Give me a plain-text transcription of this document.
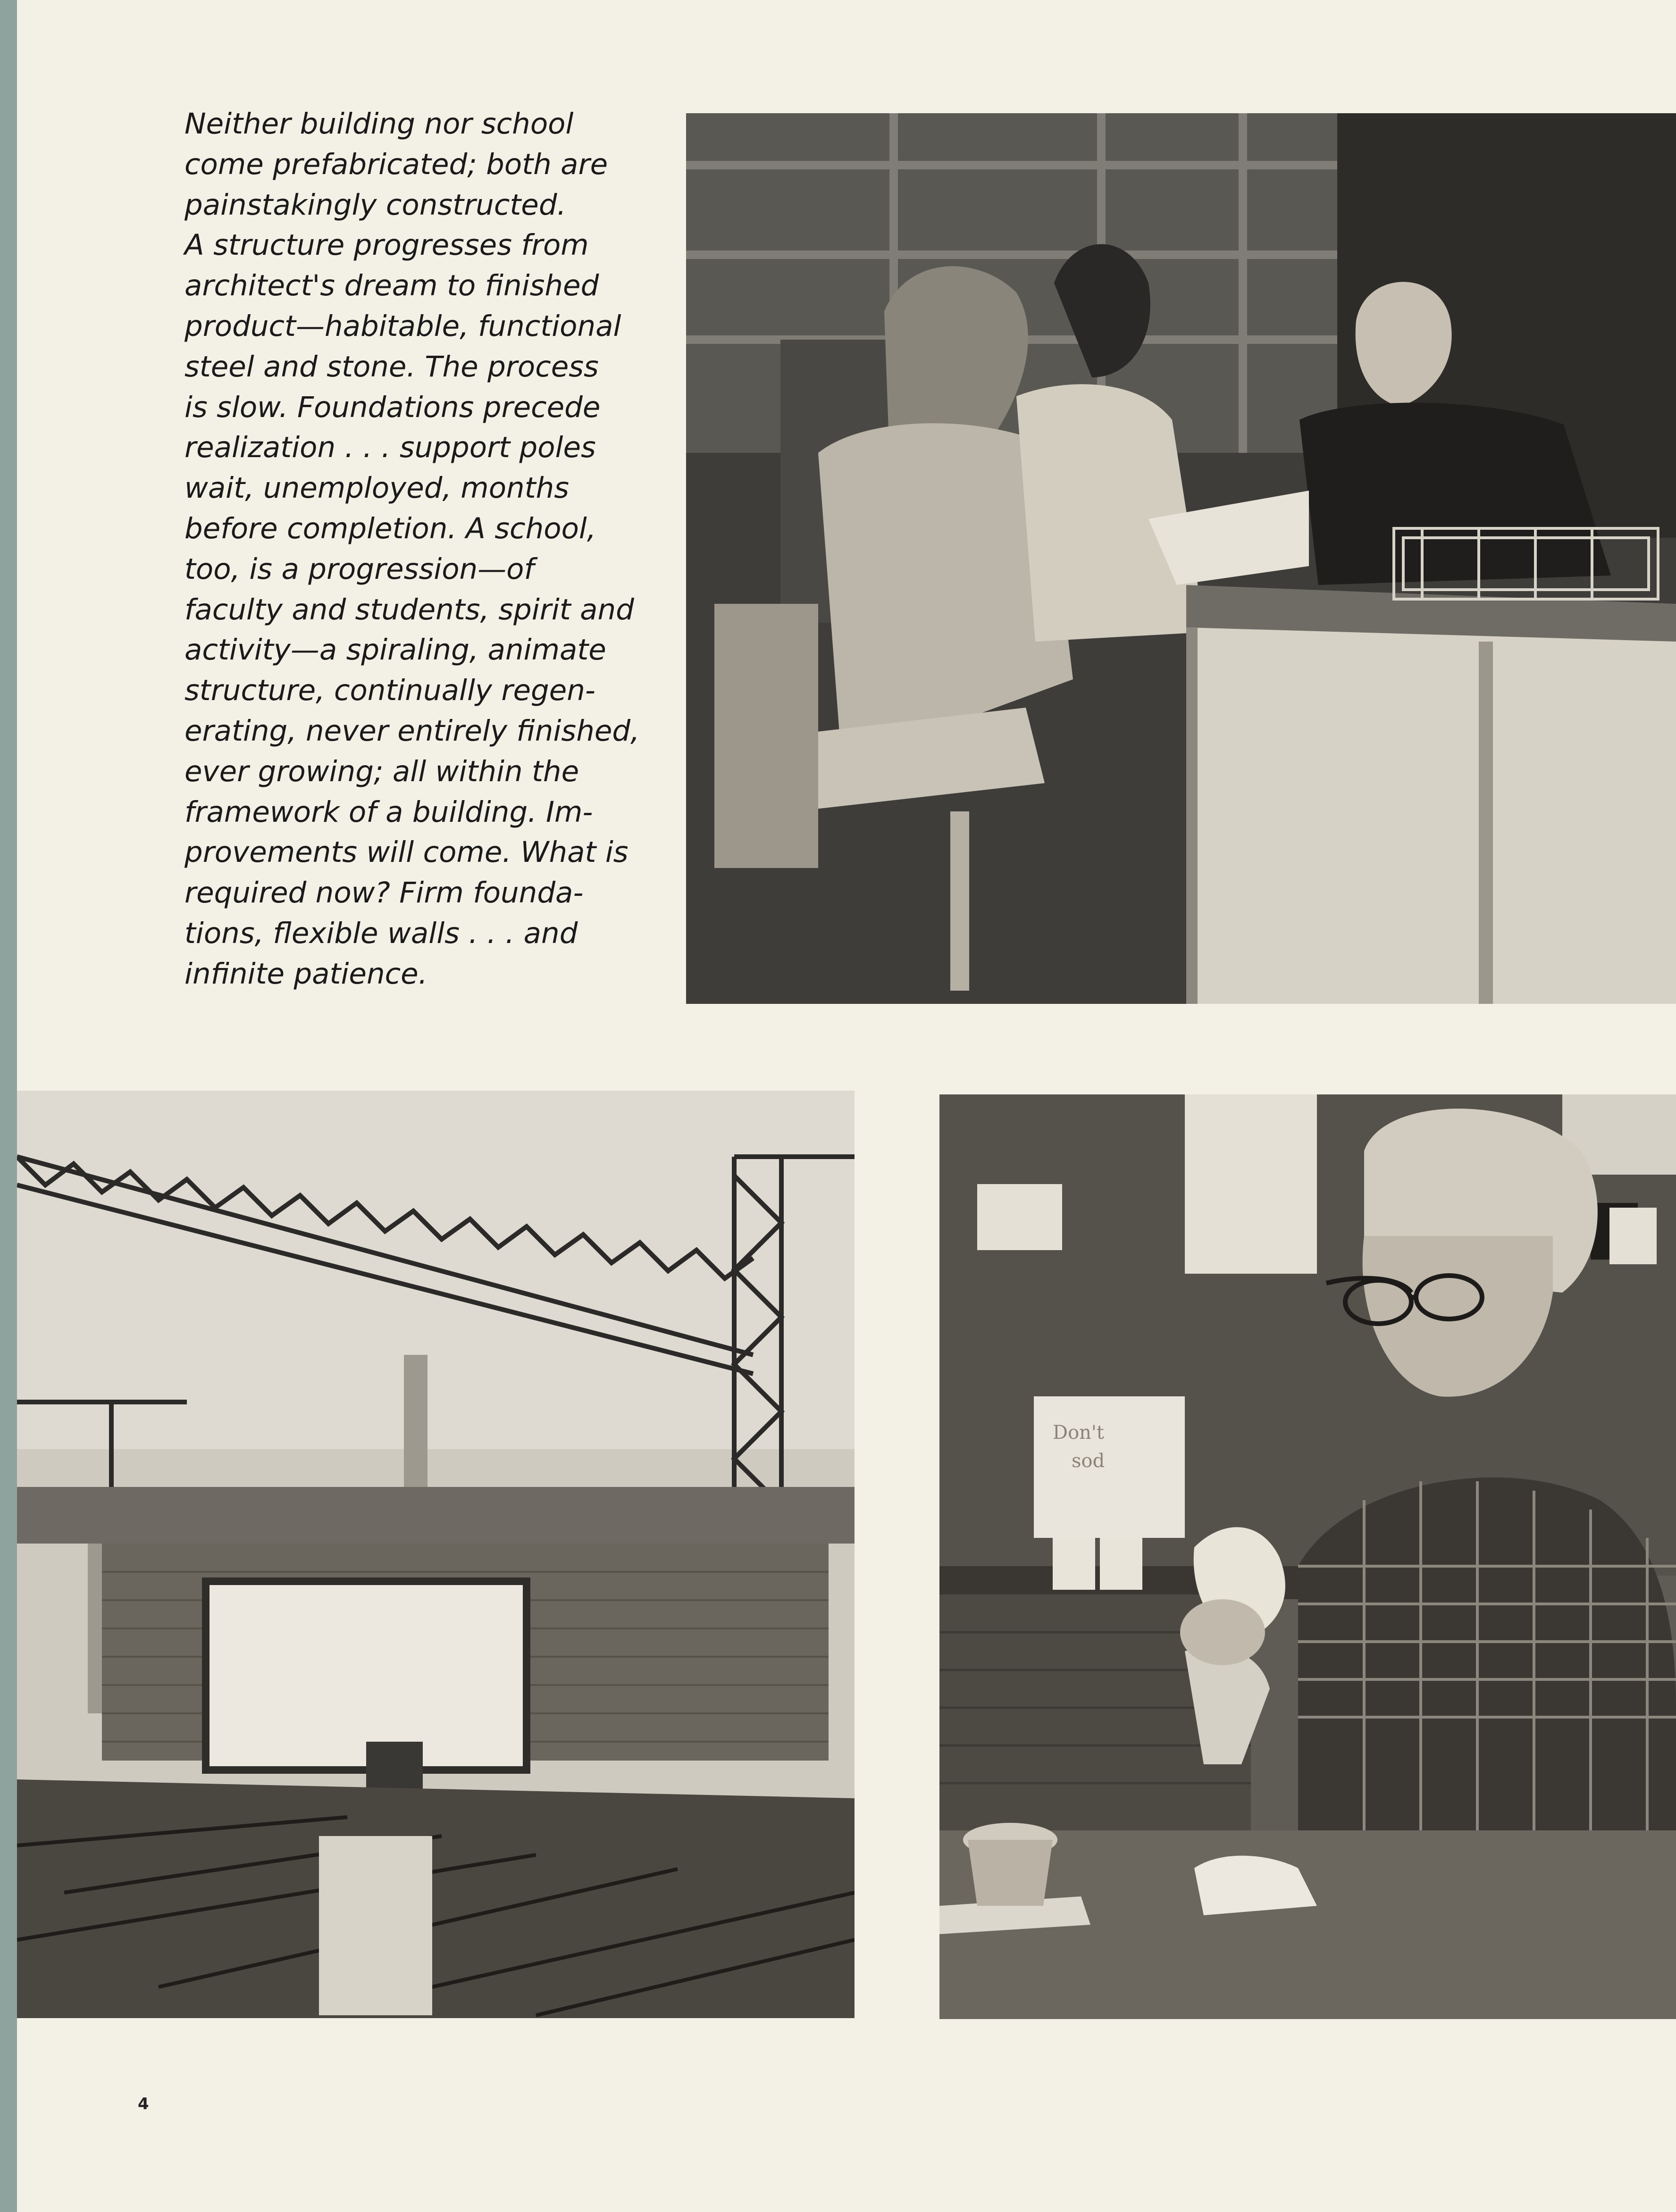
Neither building nor school
come prefabricated; both are
painstakingly constructed.
A structure progresses from
architect's dream to finished
product—habitable, functional
steel and stone. The process
is slow. Foundations precede
realization . . . support poles
wait, unemployed, months
before completion. A school,
too, is a progression—of
faculty and students, spirit and
activity—a spiraling, animate
structure, continually regen-
erating, never entirely finished,
ever growing; all within the
framework of a building. Im-
provements will come. What is
required now? Firm founda-
tions, flexible walls . . . and
infinite patience.
Don't
sod
4
